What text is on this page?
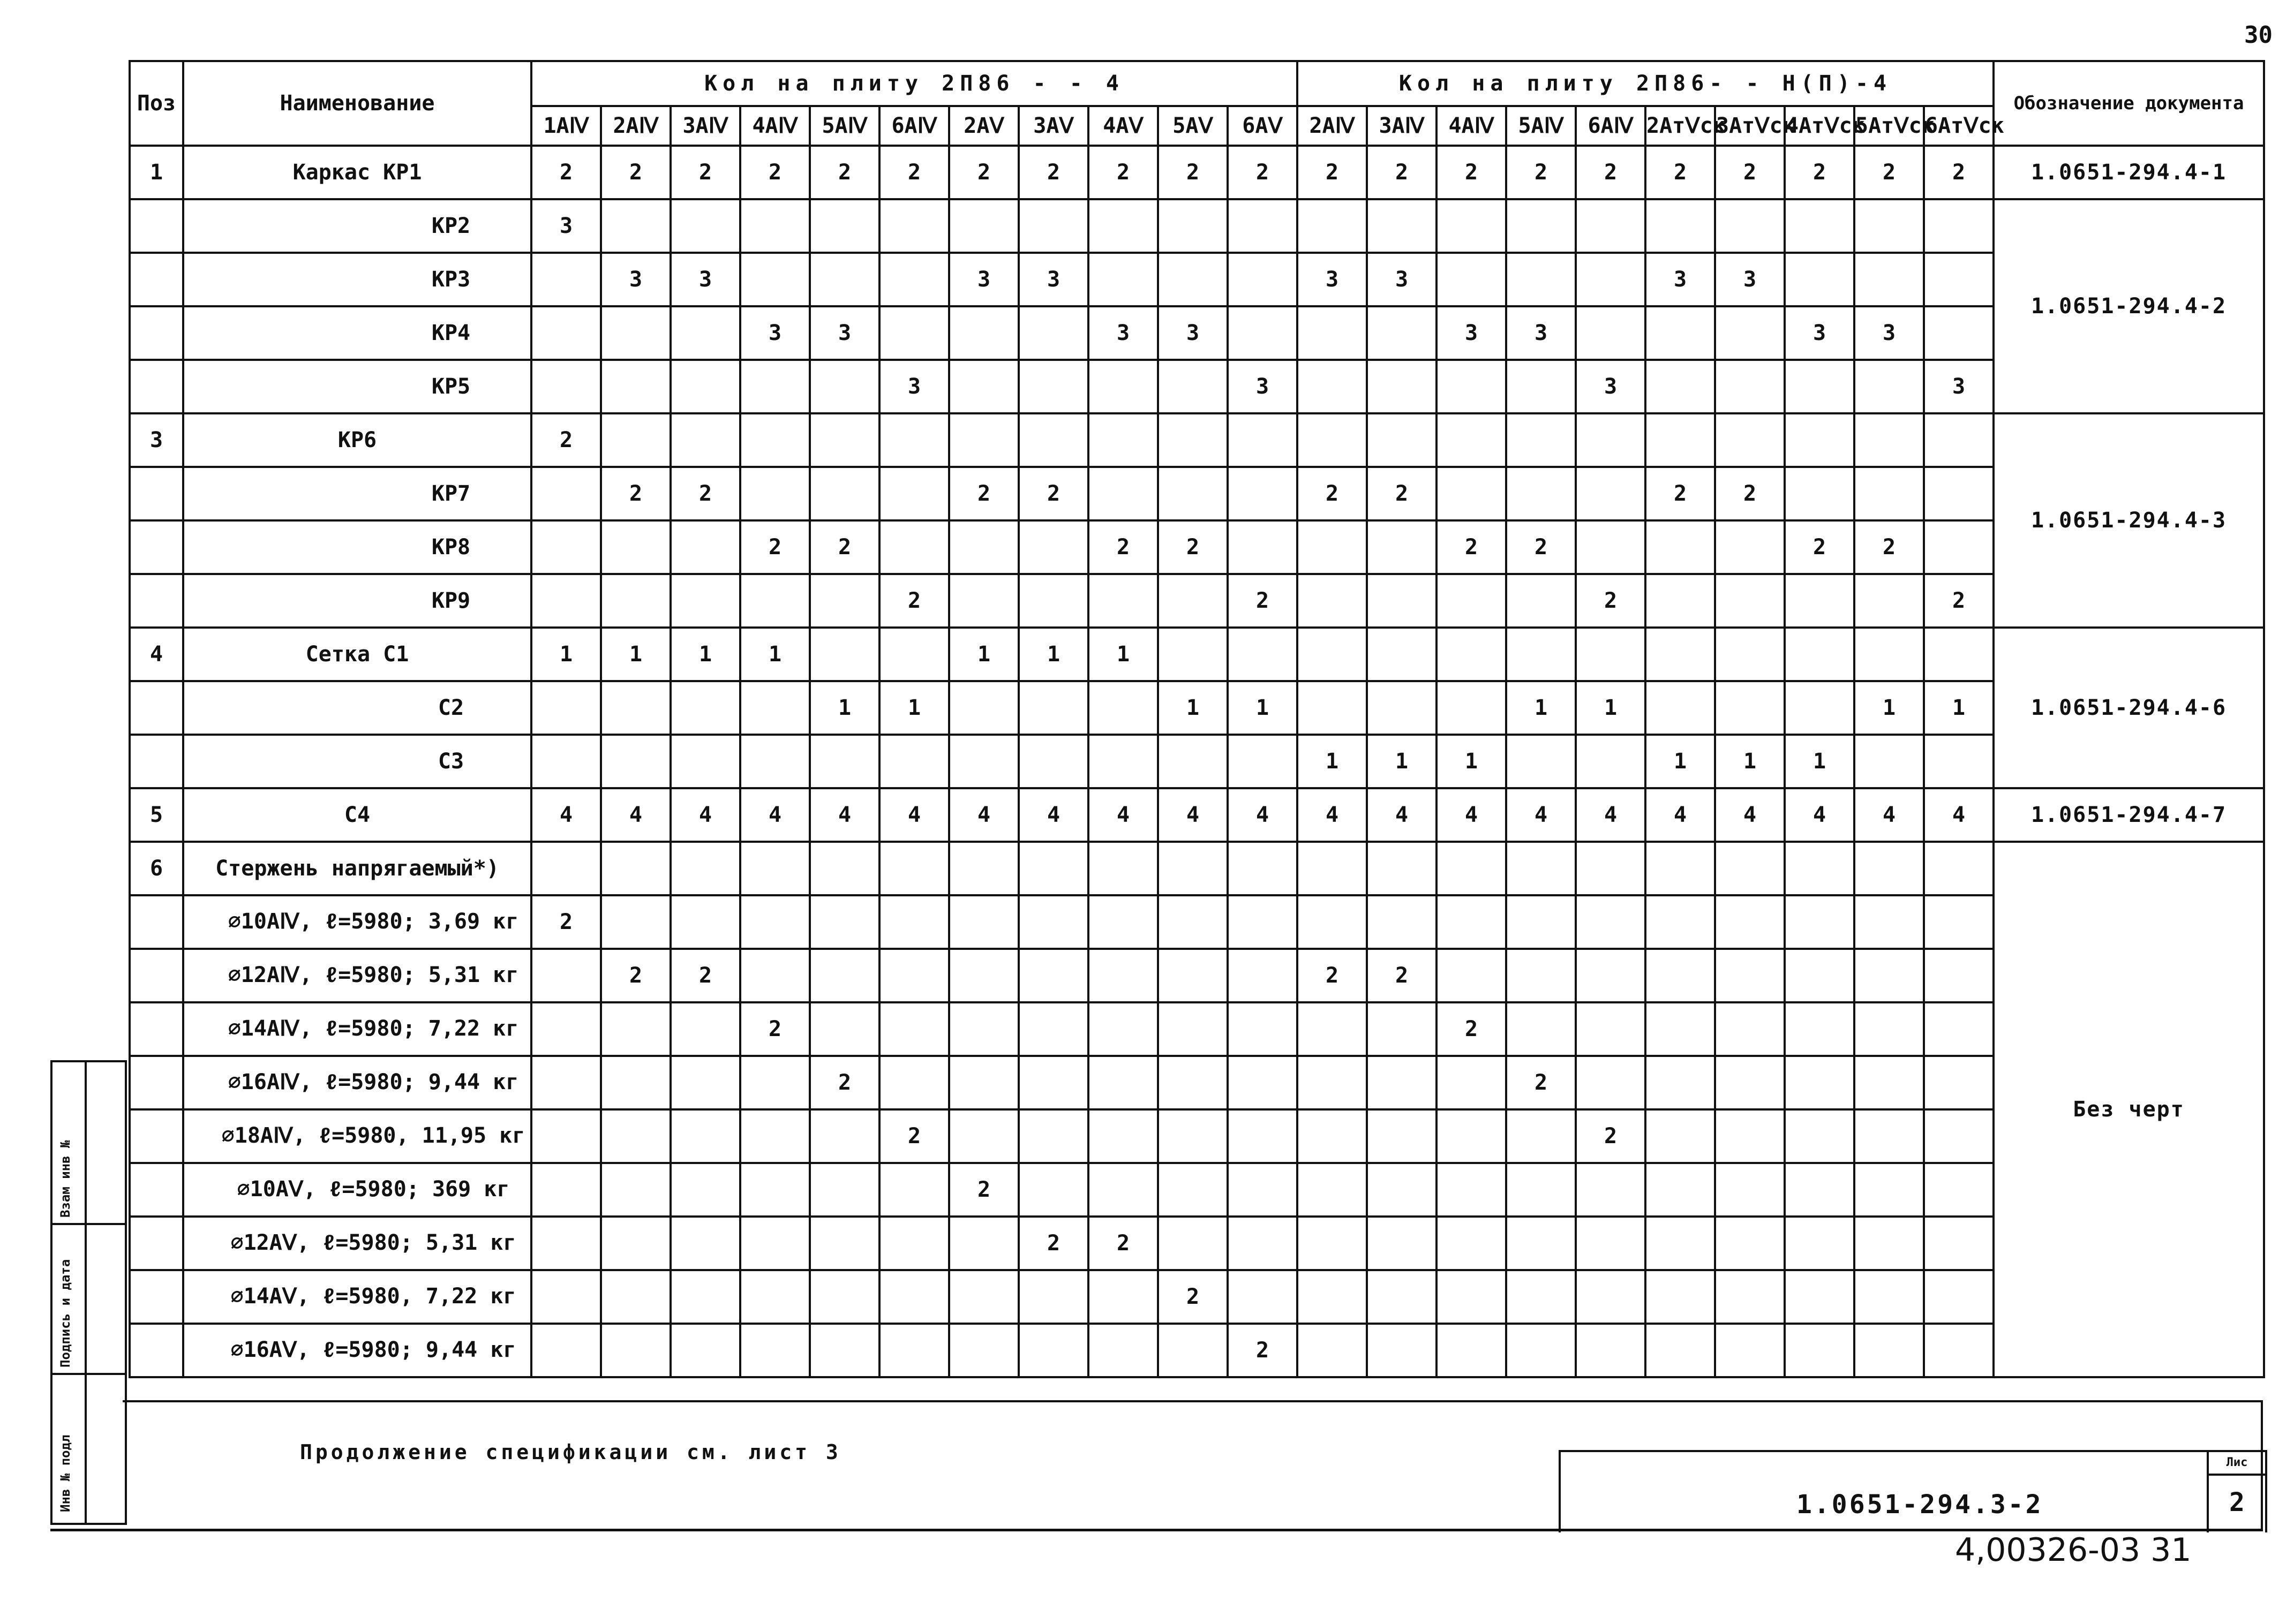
30
Поз	Наименование	Кол на плиту 2П86 - - 4											Кол на плиту 2П86- - Н(П)-4										Обозначение документа
		1АⅣ	2АⅣ	3АⅣ	4АⅣ	5АⅣ	6АⅣ	2АⅤ	3АⅤ	4АⅤ	5АⅤ	6АⅤ	2АⅣ	3АⅣ	4АⅣ	5АⅣ	6АⅣ	2АтⅤск	3АтⅤск	4АтⅤск	5АтⅤск	6АтⅤск	
1	Каркас КР1	2	2	2	2	2	2	2	2	2	2	2	2	2	2	2	2	2	2	2	2	2	1.0651-294.4-1
	КР2	3																					1.0651-294.4-2
	КР3		3	3				3	3				3	3				3	3				
	КР4				3	3				3	3				3	3				3	3		
	КР5						3					3					3					3	
3	КР6	2																					1.0651-294.4-3
	КР7		2	2				2	2				2	2				2	2				
	КР8				2	2				2	2				2	2				2	2		
	КР9						2					2					2					2	
4	Сетка С1	1	1	1	1			1	1	1													1.0651-294.4-6
	С2					1	1				1	1				1	1				1	1	
	С3												1	1	1			1	1	1			
5	С4	4	4	4	4	4	4	4	4	4	4	4	4	4	4	4	4	4	4	4	4	4	1.0651-294.4-7
6	Стержень напрягаемый*)																						Без черт
	⌀10АⅣ, ℓ=5980; 3,69 кг	2																					
	⌀12АⅣ, ℓ=5980; 5,31 кг		2	2									2	2									
	⌀14АⅣ, ℓ=5980; 7,22 кг				2										2								
	⌀16АⅣ, ℓ=5980; 9,44 кг					2										2							
	⌀18АⅣ, ℓ=5980, 11,95 кг						2										2						
	⌀10АⅤ, ℓ=5980; 369 кг							2															
	⌀12АⅤ, ℓ=5980; 5,31 кг								2	2													
	⌀14АⅤ, ℓ=5980, 7,22 кг										2												
	⌀16АⅤ, ℓ=5980; 9,44 кг											2											
Инв № подл
Подпись и дата
Взам инв №
Продолжение спецификации см. лист 3
1.0651-294.3-2
Лис
2
4,00326-03 31
